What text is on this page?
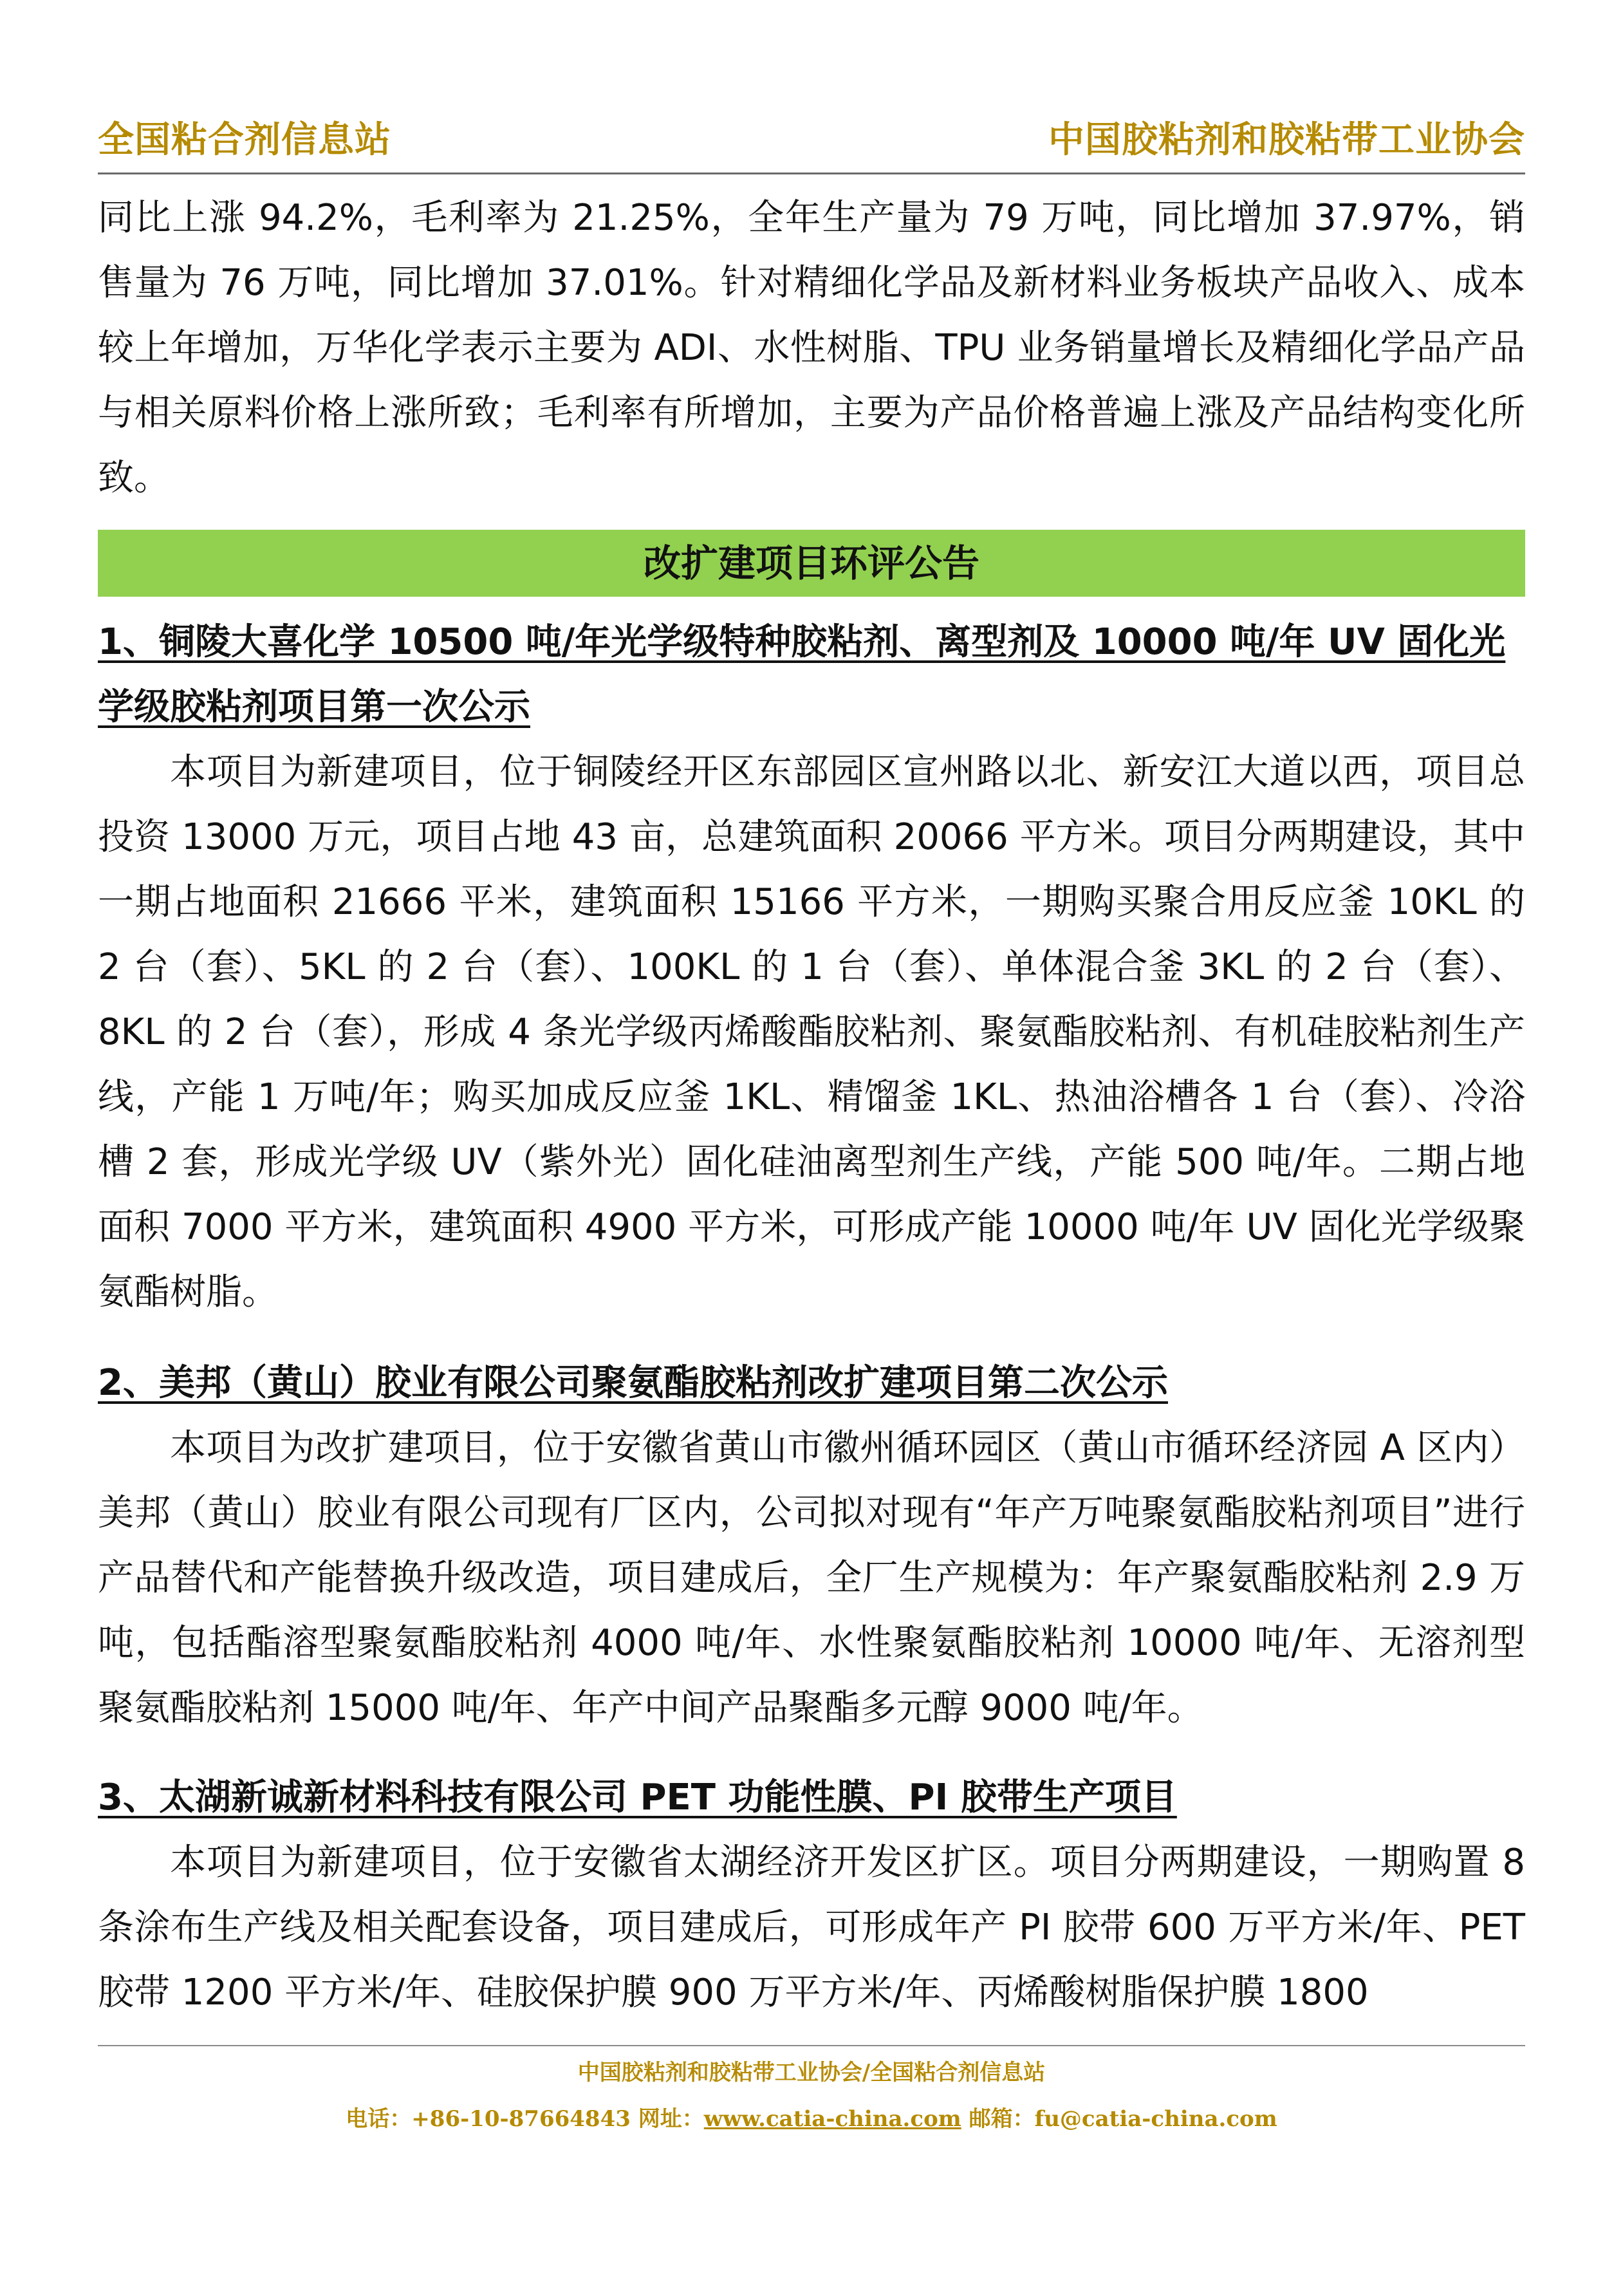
全国粘合剂信息站	中国胶粘剂和胶粘带工业协会

同比上涨 94.2%，毛利率为 21.25%，全年生产量为 79 万吨，同比增加 37.97%，销售量为 76 万吨，同比增加 37.01%。针对精细化学品及新材料业务板块产品收入、成本较上年增加，万华化学表示主要为 ADI、水性树脂、TPU 业务销量增长及精细化学品产品与相关原料价格上涨所致；毛利率有所增加，主要为产品价格普遍上涨及产品结构变化所致。

改扩建项目环评公告

1、铜陵大喜化学 10500 吨/年光学级特种胶粘剂、离型剂及 10000 吨/年 UV 固化光学级胶粘剂项目第一次公示

本项目为新建项目，位于铜陵经开区东部园区宣州路以北、新安江大道以西，项目总投资 13000 万元，项目占地 43 亩，总建筑面积 20066 平方米。项目分两期建设，其中一期占地面积 21666 平米，建筑面积 15166 平方米，一期购买聚合用反应釜 10KL 的 2 台（套）、5KL 的 2 台（套）、100KL 的 1 台（套）、单体混合釜 3KL 的 2 台（套）、8KL 的 2 台（套），形成 4 条光学级丙烯酸酯胶粘剂、聚氨酯胶粘剂、有机硅胶粘剂生产线，产能 1 万吨/年；购买加成反应釜 1KL、精馏釜 1KL、热油浴槽各 1 台（套）、冷浴槽 2 套，形成光学级 UV（紫外光）固化硅油离型剂生产线，产能 500 吨/年。二期占地面积 7000 平方米，建筑面积 4900 平方米，可形成产能 10000 吨/年 UV 固化光学级聚氨酯树脂。

2、美邦（黄山）胶业有限公司聚氨酯胶粘剂改扩建项目第二次公示

本项目为改扩建项目，位于安徽省黄山市徽州循环园区（黄山市循环经济园 A 区内）美邦（黄山）胶业有限公司现有厂区内，公司拟对现有“年产万吨聚氨酯胶粘剂项目”进行产品替代和产能替换升级改造，项目建成后，全厂生产规模为：年产聚氨酯胶粘剂 2.9 万吨，包括酯溶型聚氨酯胶粘剂 4000 吨/年、水性聚氨酯胶粘剂 10000 吨/年、无溶剂型聚氨酯胶粘剂 15000 吨/年、年产中间产品聚酯多元醇 9000 吨/年。

3、太湖新诚新材料科技有限公司 PET 功能性膜、PI 胶带生产项目

本项目为新建项目，位于安徽省太湖经济开发区扩区。项目分两期建设，一期购置 8 条涂布生产线及相关配套设备，项目建成后，可形成年产 PI 胶带 600 万平方米/年、PET 胶带 1200 平方米/年、硅胶保护膜 900 万平方米/年、丙烯酸树脂保护膜 1800

中国胶粘剂和胶粘带工业协会/全国粘合剂信息站
电话：+86-10-87664843 网址：www.catia-china.com 邮箱：fu@catia-china.com
